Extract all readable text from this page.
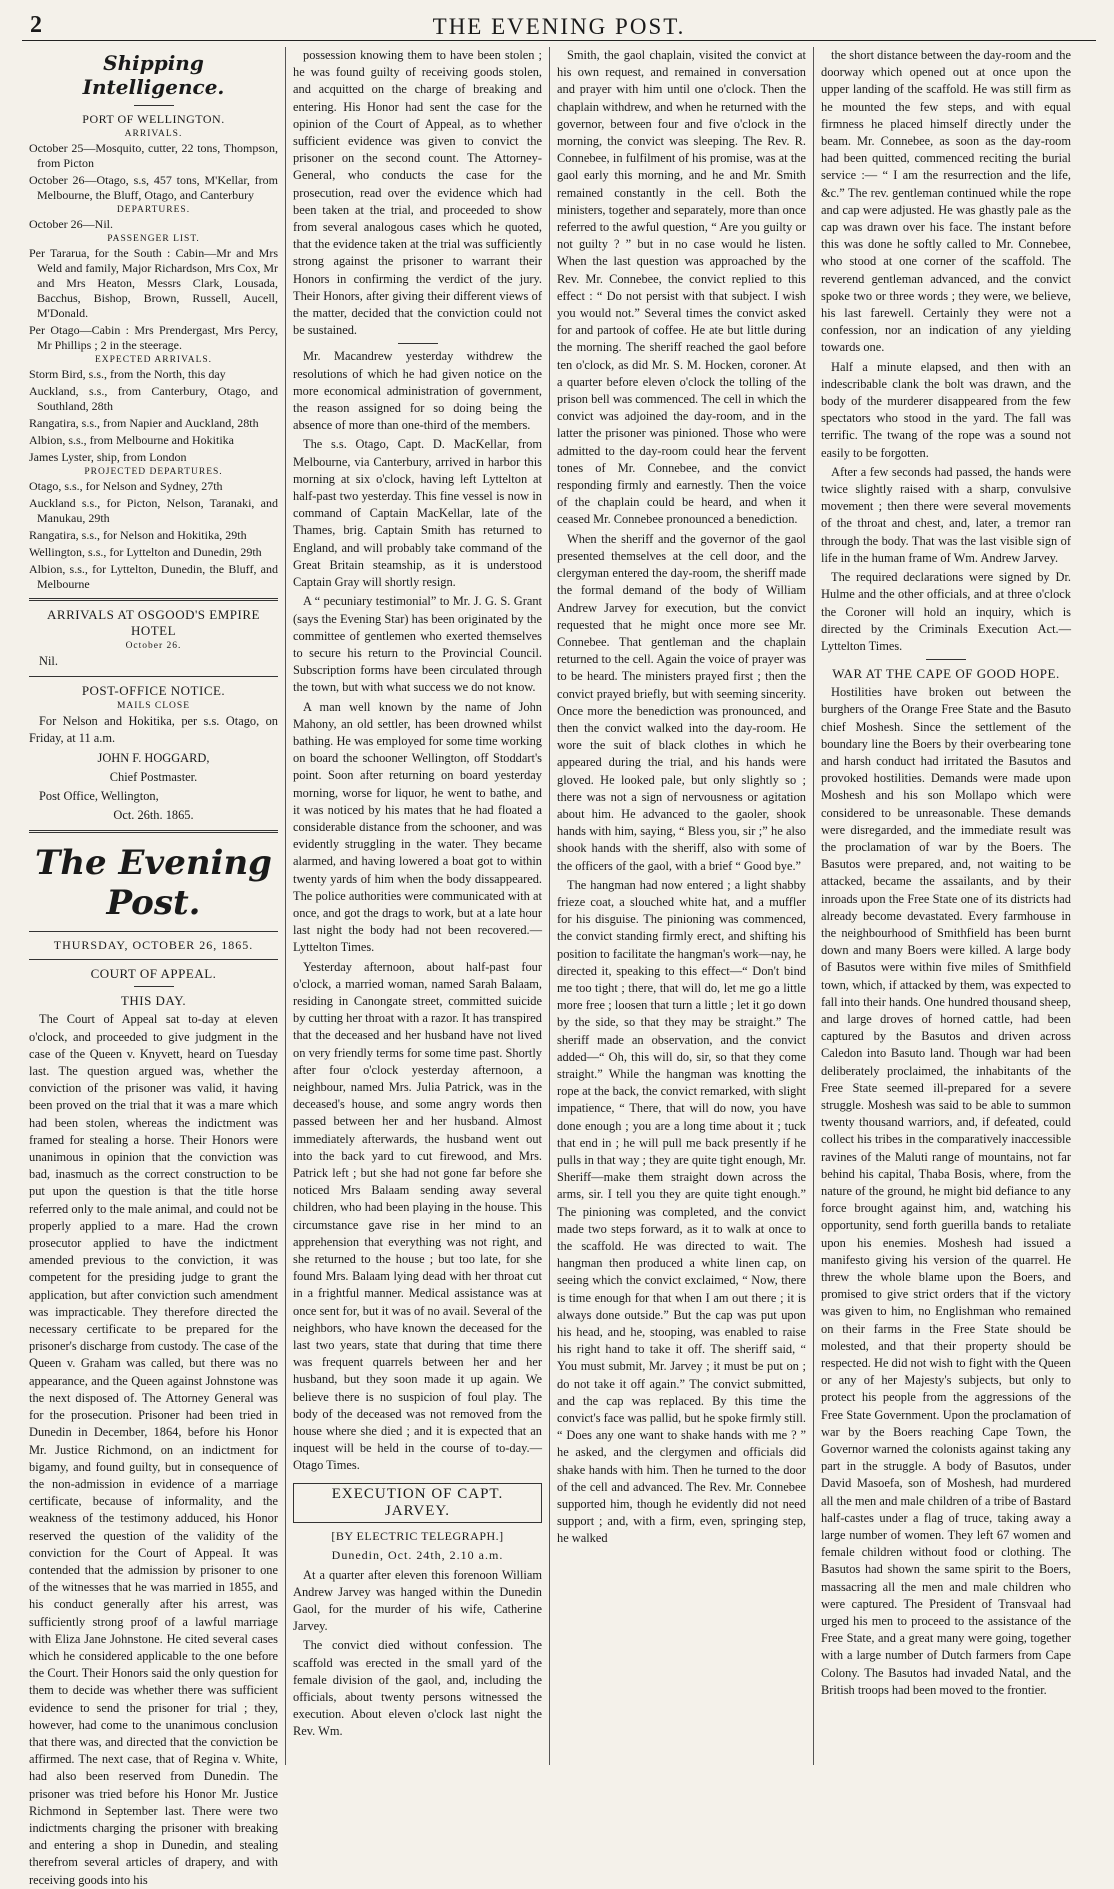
2	THE EVENING POST.
Shipping Intelligence.
PORT OF WELLINGTON.
ARRIVALS.

October 25—Mosquito, cutter, 22 tons, Thompson, from Picton

October 26—Otago, s.s, 457 tons, M'Kellar, from Melbourne, the Bluff, Otago, and Canterbury

DEPARTURES.

October 26—Nil.

PASSENGER LIST.

Per Tararua, for the South : Cabin—Mr and Mrs Weld and family, Major Richardson, Mrs Cox, Mr and Mrs Heaton, Messrs Clark, Lousada, Bacchus, Bishop, Brown, Russell, Aucell, M'Donald.

Per Otago—Cabin : Mrs Prendergast, Mrs Percy, Mr Phillips ; 2 in the steerage.

EXPECTED ARRIVALS.

Storm Bird, s.s., from the North, this day

Auckland, s.s., from Canterbury, Otago, and Southland, 28th

Rangatira, s.s., from Napier and Auckland, 28th

Albion, s.s., from Melbourne and Hokitika

James Lyster, ship, from London

PROJECTED DEPARTURES.

Otago, s.s., for Nelson and Sydney, 27th

Auckland s.s., for Picton, Nelson, Taranaki, and Manukau, 29th

Rangatira, s.s., for Nelson and Hokitika, 29th

Wellington, s.s., for Lyttelton and Dunedin, 29th

Albion, s.s., for Lyttelton, Dunedin, the Bluff, and Melbourne

ARRIVALS AT OSGOOD'S EMPIRE HOTEL
October 26.

Nil.

POST-OFFICE NOTICE.
MAILS CLOSE

For Nelson and Hokitika, per s.s. Otago, on Friday, at 11 a.m.

JOHN F. HOGGARD,

Chief Postmaster.

Post Office, Wellington,

Oct. 26th. 1865.

The Evening Post.
THURSDAY, OCTOBER 26, 1865.
COURT OF APPEAL.
THIS DAY.

The Court of Appeal sat to-day at eleven o'clock, and proceeded to give judgment in the case of the Queen v. Knyvett, heard on Tuesday last. The question argued was, whether the conviction of the prisoner was valid, it having been proved on the trial that it was a mare which had been stolen, whereas the indictment was framed for stealing a horse. Their Honors were unanimous in opinion that the conviction was bad, inasmuch as the correct construction to be put upon the question is that the title horse referred only to the male animal, and could not be properly applied to a mare. Had the crown prosecutor applied to have the indictment amended previous to the conviction, it was competent for the presiding judge to grant the application, but after conviction such amendment was impracticable. They therefore directed the necessary certificate to be prepared for the prisoner's discharge from custody. The case of the Queen v. Graham was called, but there was no appearance, and the Queen against Johnstone was the next disposed of. The Attorney General was for the prosecution. Prisoner had been tried in Dunedin in December, 1864, before his Honor Mr. Justice Richmond, on an indictment for bigamy, and found guilty, but in consequence of the non-admission in evidence of a marriage certificate, because of informality, and the weakness of the testimony adduced, his Honor reserved the question of the validity of the conviction for the Court of Appeal. It was contended that the admission by prisoner to one of the witnesses that he was married in 1855, and his conduct generally after his arrest, was sufficiently strong proof of a lawful marriage with Eliza Jane Johnstone. He cited several cases which he considered applicable to the one before the Court. Their Honors said the only question for them to decide was whether there was sufficient evidence to send the prisoner for trial ; they, however, had come to the unanimous conclusion that there was, and directed that the conviction be affirmed. The next case, that of Regina v. White, had also been reserved from Dunedin. The prisoner was tried before his Honor Mr. Justice Richmond in September last. There were two indictments charging the prisoner with breaking and entering a shop in Dunedin, and stealing therefrom several articles of drapery, and with receiving goods into his

possession knowing them to have been stolen ; he was found guilty of receiving goods stolen, and acquitted on the charge of breaking and entering. His Honor had sent the case for the opinion of the Court of Appeal, as to whether sufficient evidence was given to convict the prisoner on the second count. The Attorney-General, who conducts the case for the prosecution, read over the evidence which had been taken at the trial, and proceeded to show from several analogous cases which he quoted, that the evidence taken at the trial was sufficiently strong against the prisoner to warrant their Honors in confirming the verdict of the jury. Their Honors, after giving their different views of the matter, decided that the conviction could not be sustained.

Mr. Macandrew yesterday withdrew the resolutions of which he had given notice on the more economical administration of government, the reason assigned for so doing being the absence of more than one-third of the members.

The s.s. Otago, Capt. D. MacKellar, from Melbourne, via Canterbury, arrived in harbor this morning at six o'clock, having left Lyttelton at half-past two yesterday. This fine vessel is now in command of Captain MacKellar, late of the Thames, brig. Captain Smith has returned to England, and will probably take command of the Great Britain steamship, as it is understood Captain Gray will shortly resign.

A “ pecuniary testimonial” to Mr. J. G. S. Grant (says the Evening Star) has been originated by the committee of gentlemen who exerted themselves to secure his return to the Provincial Council. Subscription forms have been circulated through the town, but with what success we do not know.

A man well known by the name of John Mahony, an old settler, has been drowned whilst bathing. He was employed for some time working on board the schooner Wellington, off Stoddart's point. Soon after returning on board yesterday morning, worse for liquor, he went to bathe, and it was noticed by his mates that he had floated a considerable distance from the schooner, and was evidently struggling in the water. They became alarmed, and having lowered a boat got to within twenty yards of him when the body dissappeared. The police authorities were communicated with at once, and got the drags to work, but at a late hour last night the body had not been recovered.—Lyttelton Times.

Yesterday afternoon, about half-past four o'clock, a married woman, named Sarah Balaam, residing in Canongate street, committed suicide by cutting her throat with a razor. It has transpired that the deceased and her husband have not lived on very friendly terms for some time past. Shortly after four o'clock yesterday afternoon, a neighbour, named Mrs. Julia Patrick, was in the deceased's house, and some angry words then passed between her and her husband. Almost immediately afterwards, the husband went out into the back yard to cut firewood, and Mrs. Patrick left ; but she had not gone far before she noticed Mrs Balaam sending away several children, who had been playing in the house. This circumstance gave rise in her mind to an apprehension that everything was not right, and she returned to the house ; but too late, for she found Mrs. Balaam lying dead with her throat cut in a frightful manner. Medical assistance was at once sent for, but it was of no avail. Several of the neighbors, who have known the deceased for the last two years, state that during that time there was frequent quarrels between her and her husband, but they soon made it up again. We believe there is no suspicion of foul play. The body of the deceased was not removed from the house where she died ; and it is expected that an inquest will be held in the course of to-day.—Otago Times.

EXECUTION OF CAPT. JARVEY.
[BY ELECTRIC TELEGRAPH.]
Dunedin, Oct. 24th, 2.10 a.m.

At a quarter after eleven this forenoon William Andrew Jarvey was hanged within the Dunedin Gaol, for the murder of his wife, Catherine Jarvey.

The convict died without confession. The scaffold was erected in the small yard of the female division of the gaol, and, including the officials, about twenty persons witnessed the execution. About eleven o'clock last night the Rev. Wm.

Smith, the gaol chaplain, visited the convict at his own request, and remained in conversation and prayer with him until one o'clock. Then the chaplain withdrew, and when he returned with the governor, between four and five o'clock in the morning, the convict was sleeping. The Rev. R. Connebee, in fulfilment of his promise, was at the gaol early this morning, and he and Mr. Smith remained constantly in the cell. Both the ministers, together and separately, more than once referred to the awful question, “ Are you guilty or not guilty ? ” but in no case would he listen. When the last question was approached by the Rev. Mr. Connebee, the convict replied to this effect : “ Do not persist with that subject. I wish you would not.” Several times the convict asked for and partook of coffee. He ate but little during the morning. The sheriff reached the gaol before ten o'clock, as did Mr. S. M. Hocken, coroner. At a quarter before eleven o'clock the tolling of the prison bell was commenced. The cell in which the convict was adjoined the day-room, and in the latter the prisoner was pinioned. Those who were admitted to the day-room could hear the fervent tones of Mr. Connebee, and the convict responding firmly and earnestly. Then the voice of the chaplain could be heard, and when it ceased Mr. Connebee pronounced a benediction.

When the sheriff and the governor of the gaol presented themselves at the cell door, and the clergyman entered the day-room, the sheriff made the formal demand of the body of William Andrew Jarvey for execution, but the convict requested that he might once more see Mr. Connebee. That gentleman and the chaplain returned to the cell. Again the voice of prayer was to be heard. The ministers prayed first ; then the convict prayed briefly, but with seeming sincerity. Once more the benediction was pronounced, and then the convict walked into the day-room. He wore the suit of black clothes in which he appeared during the trial, and his hands were gloved. He looked pale, but only slightly so ; there was not a sign of nervousness or agitation about him. He advanced to the gaoler, shook hands with him, saying, “ Bless you, sir ;” he also shook hands with the sheriff, also with some of the officers of the gaol, with a brief “ Good bye.”

The hangman had now entered ; a light shabby frieze coat, a slouched white hat, and a muffler for his disguise. The pinioning was commenced, the convict standing firmly erect, and shifting his position to facilitate the hangman's work—nay, he directed it, speaking to this effect—“ Don't bind me too tight ; there, that will do, let me go a little more free ; loosen that turn a little ; let it go down by the side, so that they may be straight.” The sheriff made an observation, and the convict added—“ Oh, this will do, sir, so that they come straight.” While the hangman was knotting the rope at the back, the convict remarked, with slight impatience, “ There, that will do now, you have done enough ; you are a long time about it ; tuck that end in ; he will pull me back presently if he pulls in that way ; they are quite tight enough, Mr. Sheriff—make them straight down across the arms, sir. I tell you they are quite tight enough.” The pinioning was completed, and the convict made two steps forward, as it to walk at once to the scaffold. He was directed to wait. The hangman then produced a white linen cap, on seeing which the convict exclaimed, “ Now, there is time enough for that when I am out there ; it is always done outside.” But the cap was put upon his head, and he, stooping, was enabled to raise his right hand to take it off. The sheriff said, “ You must submit, Mr. Jarvey ; it must be put on ; do not take it off again.” The convict submitted, and the cap was replaced. By this time the convict's face was pallid, but he spoke firmly still. “ Does any one want to shake hands with me ? ” he asked, and the clergymen and officials did shake hands with him. Then he turned to the door of the cell and advanced. The Rev. Mr. Connebee supported him, though he evidently did not need support ; and, with a firm, even, springing step, he walked

the short distance between the day-room and the doorway which opened out at once upon the upper landing of the scaffold. He was still firm as he mounted the few steps, and with equal firmness he placed himself directly under the beam. Mr. Connebee, as soon as the day-room had been quitted, commenced reciting the burial service :— “ I am the resurrection and the life, &c.” The rev. gentleman continued while the rope and cap were adjusted. He was ghastly pale as the cap was drawn over his face. The instant before this was done he softly called to Mr. Connebee, who stood at one corner of the scaffold. The reverend gentleman advanced, and the convict spoke two or three words ; they were, we believe, his last farewell. Certainly they were not a confession, nor an indication of any yielding towards one.

Half a minute elapsed, and then with an indescribable clank the bolt was drawn, and the body of the murderer disappeared from the few spectators who stood in the yard. The fall was terrific. The twang of the rope was a sound not easily to be forgotten.

After a few seconds had passed, the hands were twice slightly raised with a sharp, convulsive movement ; then there were several movements of the throat and chest, and, later, a tremor ran through the body. That was the last visible sign of life in the human frame of Wm. Andrew Jarvey.

The required declarations were signed by Dr. Hulme and the other officials, and at three o'clock the Coroner will hold an inquiry, which is directed by the Criminals Execution Act.—Lyttelton Times.

WAR AT THE CAPE OF GOOD HOPE.

Hostilities have broken out between the burghers of the Orange Free State and the Basuto chief Moshesh. Since the settlement of the boundary line the Boers by their overbearing tone and harsh conduct had irritated the Basutos and provoked hostilities. Demands were made upon Moshesh and his son Mollapo which were considered to be unreasonable. These demands were disregarded, and the immediate result was the proclamation of war by the Boers. The Basutos were prepared, and, not waiting to be attacked, became the assailants, and by their inroads upon the Free State one of its districts had already become devastated. Every farmhouse in the neighbourhood of Smithfield has been burnt down and many Boers were killed. A large body of Basutos were within five miles of Smithfield town, which, if attacked by them, was expected to fall into their hands. One hundred thousand sheep, and large droves of horned cattle, had been captured by the Basutos and driven across Caledon into Basuto land. Though war had been deliberately proclaimed, the inhabitants of the Free State seemed ill-prepared for a severe struggle. Moshesh was said to be able to summon twenty thousand warriors, and, if defeated, could collect his tribes in the comparatively inaccessible ravines of the Maluti range of mountains, not far behind his capital, Thaba Bosis, where, from the nature of the ground, he might bid defiance to any force brought against him, and, watching his opportunity, send forth guerilla bands to retaliate upon his enemies. Moshesh had issued a manifesto giving his version of the quarrel. He threw the whole blame upon the Boers, and promised to give strict orders that if the victory was given to him, no Englishman who remained on their farms in the Free State should be molested, and that their property should be respected. He did not wish to fight with the Queen or any of her Majesty's subjects, but only to protect his people from the aggressions of the Free State Government. Upon the proclamation of war by the Boers reaching Cape Town, the Governor warned the colonists against taking any part in the struggle. A body of Basutos, under David Masoefa, son of Moshesh, had murdered all the men and male children of a tribe of Bastard half-castes under a flag of truce, taking away a large number of women. They left 67 women and female children without food or clothing. The Basutos had shown the same spirit to the Boers, massacring all the men and male children who were captured. The President of Transvaal had urged his men to proceed to the assistance of the Free State, and a great many were going, together with a large number of Dutch farmers from Cape Colony. The Basutos had invaded Natal, and the British troops had been moved to the frontier.
